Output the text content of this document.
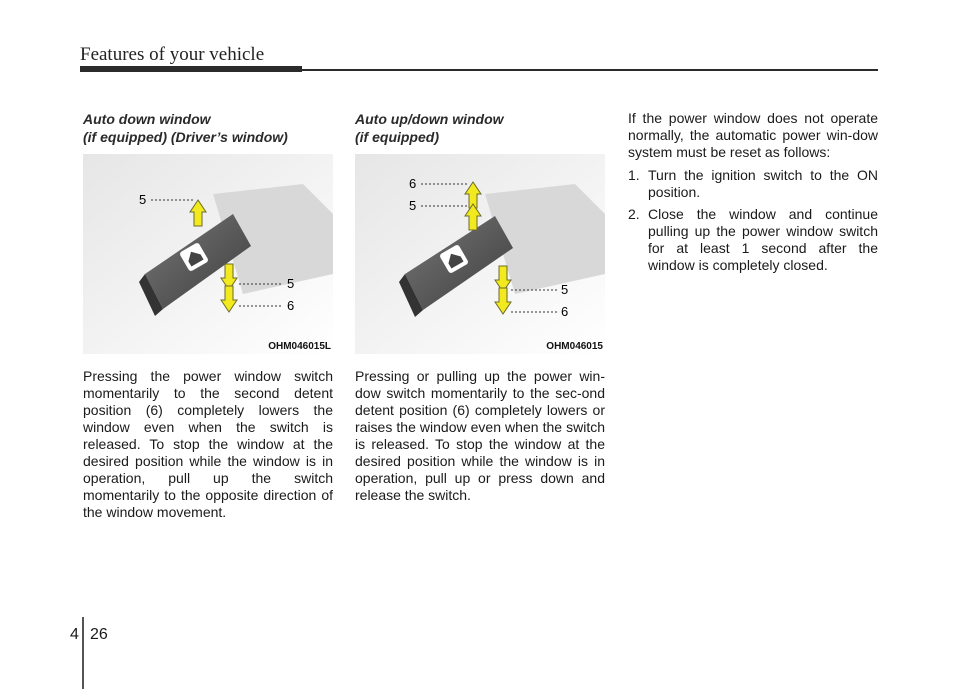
Features of your vehicle
Auto down window
(if equipped) (Driver’s window)
5
5
6
OHM046015L
Pressing the power window switch momentarily to the second detent position (6) completely lowers the window even when the switch is released. To stop the window at the desired position while the window is in operation, pull up the switch momentarily to the opposite direction of the window movement.
Auto up/down window
(if equipped)
6
5
5
6
OHM046015
Pressing or pulling up the power win-dow switch momentarily to the sec-ond detent position (6) completely lowers or raises the window even when the switch is released. To stop the window at the desired position while the window is in operation, pull up or press down and release the switch.
If the power window does not operate normally, the automatic power win-dow system must be reset as follows:
1. Turn the ignition switch to the ON position.
2. Close the window and continue pulling up the power window switch for at least 1 second after the window is completely closed.
4 26
